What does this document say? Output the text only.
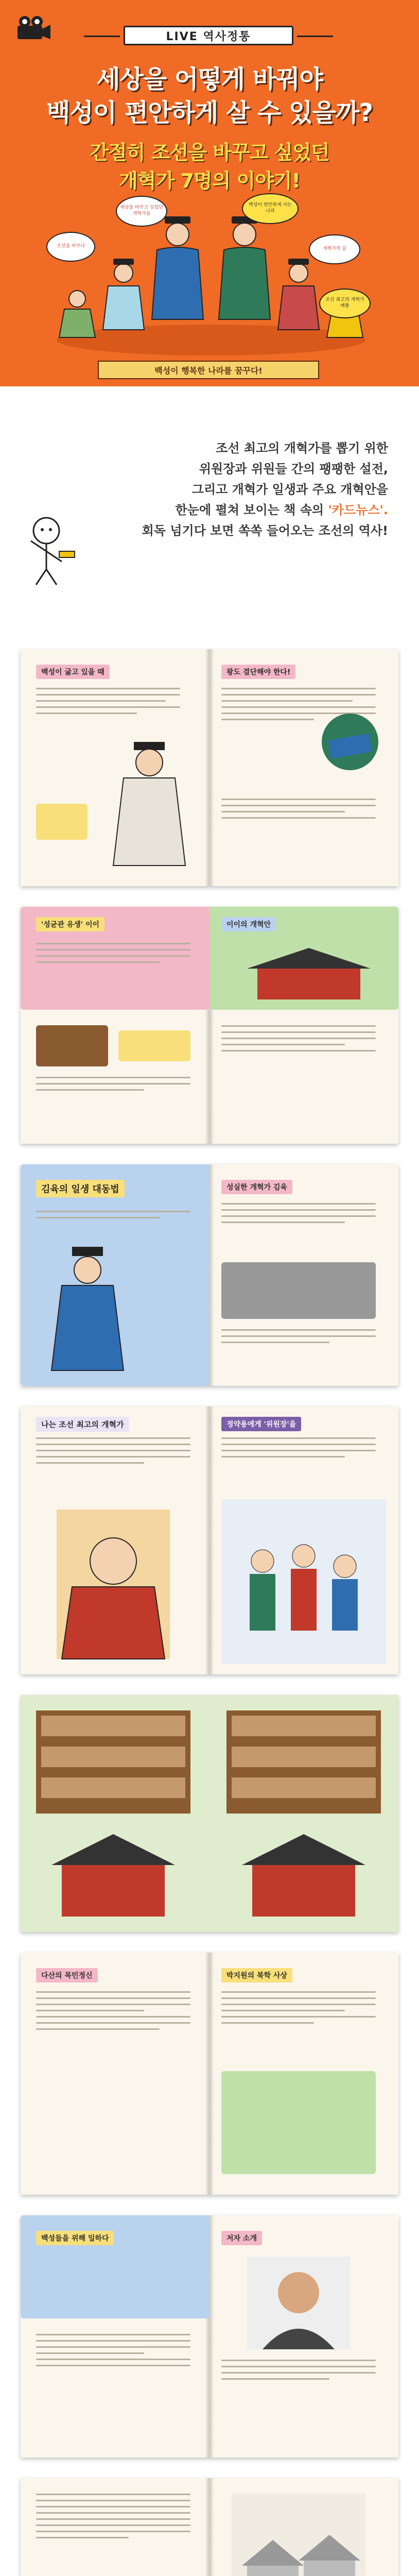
LIVE 역사정통
세상을 어떻게 바꿔야
백성이 편안하게 살 수 있을까?
간절히 조선을 바꾸고 싶었던
개혁가 7명의 이야기!
세상을 바꾸고 싶었던 개혁가들
백성이 편안하게 사는 나라
조선을 바꾸다	개혁가의 꿈
조선 최고의 개혁가 배틀
백성이 행복한 나라를 꿈꾸다!
조선 최고의 개혁가를 뽑기 위한
위원장과 위원들 간의 팽팽한 설전,
그리고 개혁가 일생과 주요 개혁안을
한눈에 펼쳐 보이는 책 속의 '카드뉴스'.
회독 넘기다 보면 쏙쏙 들어오는 조선의 역사!
백성이 굶고 있을 때	왕도 결단해야 한다!
'성균관 유생' 이이	이이의 개혁안
김육의 일생 대동법	성실한 개혁가 김육
나는 조선 최고의 개혁가	정약용에게 '위원장'을
다산의 목민정신	박지원의 북학 사상
백성들을 위해 일하다	저자 소개
